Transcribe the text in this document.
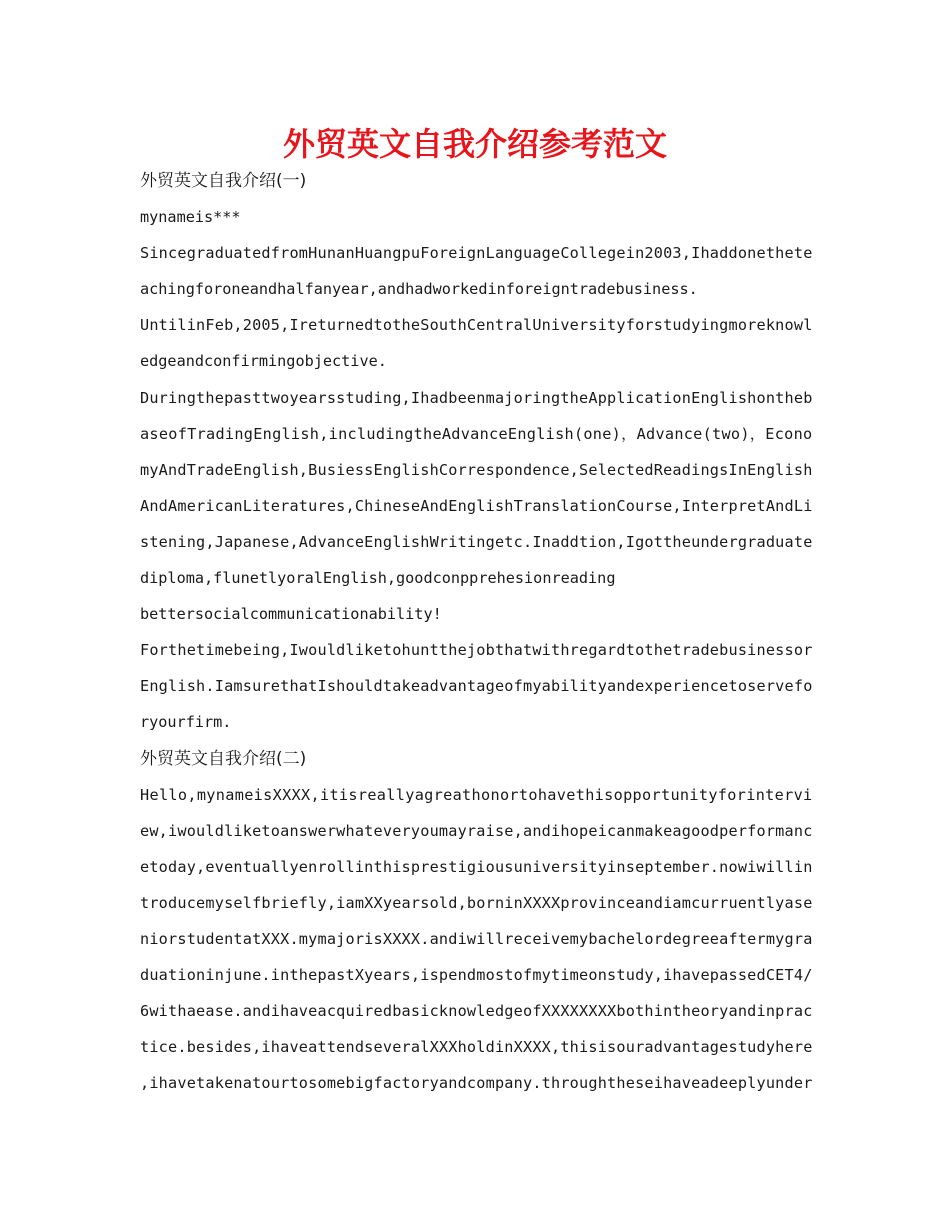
外贸英文自我介绍参考范文
外贸英文自我介绍(一)
mynameis***
SincegraduatedfromHunanHuangpuForeignLanguageCollegein2003,Ihaddonethete
achingforoneandhalfanyear,andhadworkedinforeigntradebusiness.
UntilinFeb,2005,IreturnedtotheSouthCentralUniversityforstudyingmoreknowl
edgeandconfirmingobjective.
Duringthepasttwoyearsstuding,IhadbeenmajoringtheApplicationEnglishontheb
aseofTradingEnglish,includingtheAdvanceEnglish(one)，Advance(two)，Econo
myAndTradeEnglish,BusiessEnglishCorrespondence,SelectedReadingsInEnglish
AndAmericanLiteratures,ChineseAndEnglishTranslationCourse,InterpretAndLi
stening,Japanese,AdvanceEnglishWritingetc.Inaddtion,Igottheundergraduate
diploma,flunetlyoralEnglish,goodconpprehesionreading
bettersocialcommunicationability!
Forthetimebeing,Iwouldliketohuntthejobthatwithregardtothetradebusinessor
English.IamsurethatIshouldtakeadvantageofmyabilityandexperiencetoservefo
ryourfirm.
外贸英文自我介绍(二)
Hello,mynameisXXXX,itisreallyagreathonortohavethisopportunityforintervi
ew,iwouldliketoanswerwhateveryoumayraise,andihopeicanmakeagoodperformanc
etoday,eventuallyenrollinthisprestigiousuniversityinseptember.nowiwillin
troducemyselfbriefly,iamXXyearsold,borninXXXXprovinceandiamcurruentlyase
niorstudentatXXX.mymajorisXXXX.andiwillreceivemybachelordegreeaftermygra
duationinjune.inthepastXyears,ispendmostofmytimeonstudy,ihavepassedCET4/
6withaease.andihaveacquiredbasicknowledgeofXXXXXXXXbothintheoryandinprac
tice.besides,ihaveattendseveralXXXholdinXXXX,thisisouradvantagestudyhere
,ihavetakenatourtosomebigfactoryandcompany.throughtheseihaveadeeplyunder
